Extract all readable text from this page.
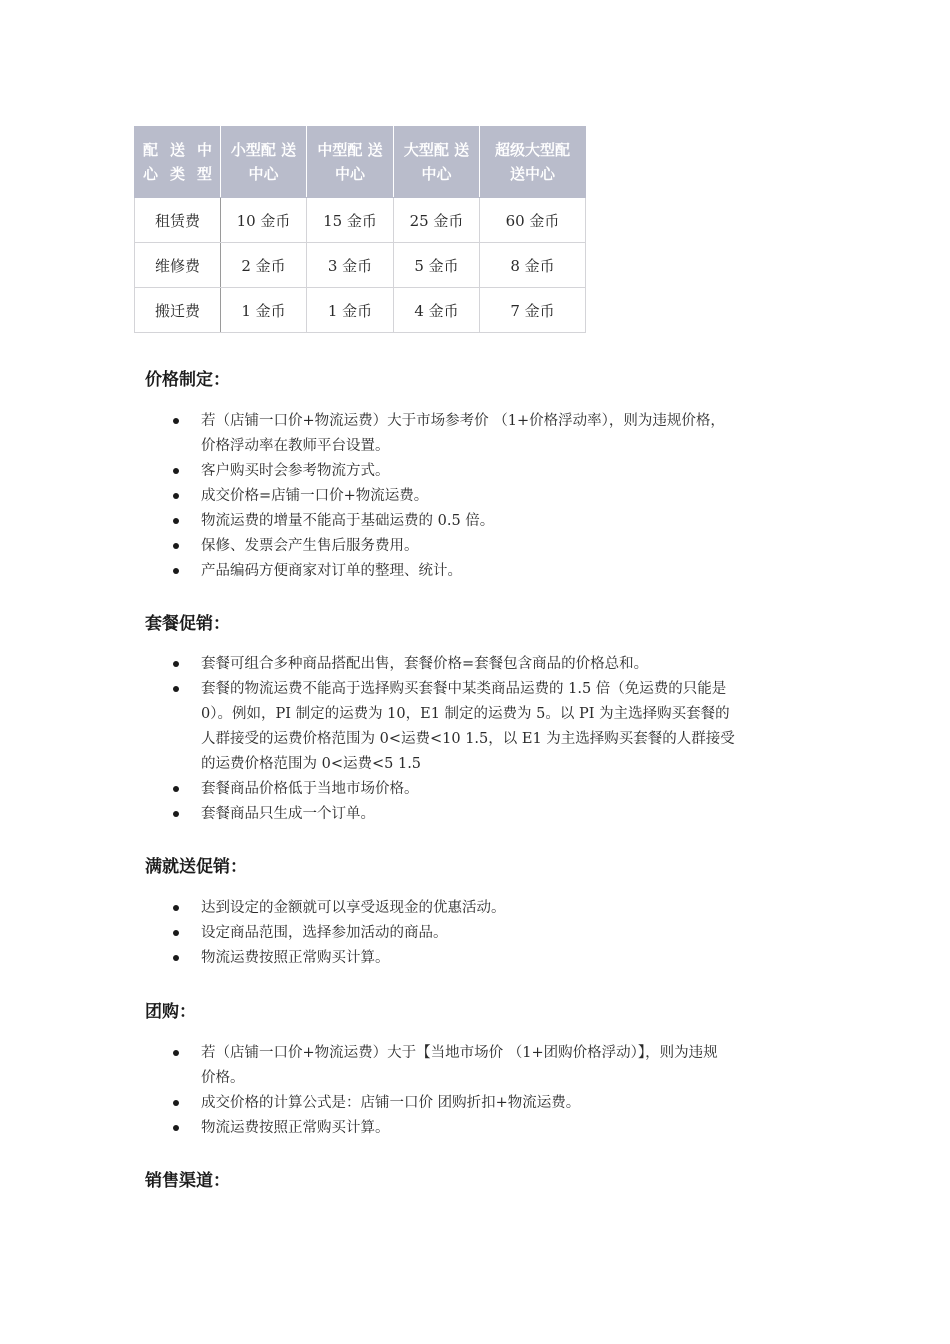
配 送 中 心类型	小型配 送中心	中型配 送中心	大型配 送中心	超级大型配 送中心
租赁费	10 金币	15 金币	25 金币	60 金币
维修费	2 金币	3 金币	5 金币	8 金币
搬迁费	1 金币	1 金币	4 金币	7 金币
价格制定：
若（店铺一口价+物流运费）大于市场参考价 （1+价格浮动率），则为违规价格，
价格浮动率在教师平台设置。
客户购买时会参考物流方式。
成交价格=店铺一口价+物流运费。
物流运费的增量不能高于基础运费的 0.5 倍。
保修、发票会产生售后服务费用。
产品编码方便商家对订单的整理、统计。
套餐促销：
套餐可组合多种商品搭配出售，套餐价格=套餐包含商品的价格总和。
套餐的物流运费不能高于选择购买套餐中某类商品运费的 1.5 倍（免运费的只能是
0）。例如，PI 制定的运费为 10，E1 制定的运费为 5。以 PI 为主选择购买套餐的
人群接受的运费价格范围为 0<运费<10 1.5，以 E1 为主选择购买套餐的人群接受
的运费价格范围为 0<运费<5 1.5
套餐商品价格低于当地市场价格。
套餐商品只生成一个订单。
满就送促销：
达到设定的金额就可以享受返现金的优惠活动。
设定商品范围，选择参加活动的商品。
物流运费按照正常购买计算。
团购：
若（店铺一口价+物流运费）大于【当地市场价 （1+团购价格浮动）】，则为违规
价格。
成交价格的计算公式是：店铺一口价 团购折扣+物流运费。
物流运费按照正常购买计算。
销售渠道：
